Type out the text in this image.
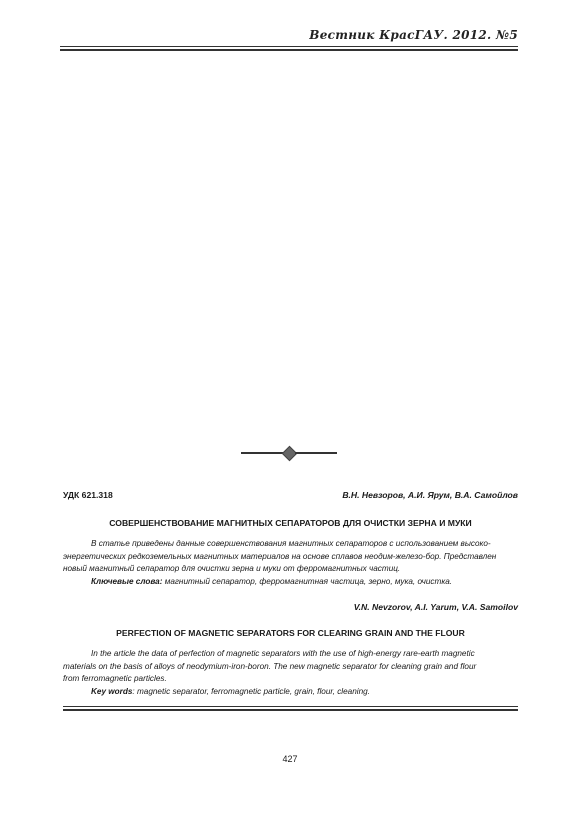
Вестник КрасГАУ. 2012. №5
УДК 621.318	В.Н. Невзоров, А.И. Ярум, В.А. Самойлов
СОВЕРШЕНСТВОВАНИЕ МАГНИТНЫХ СЕПАРАТОРОВ ДЛЯ ОЧИСТКИ ЗЕРНА И МУКИ
В статье приведены данные совершенствования магнитных сепараторов с использованием высоко-
энергетических редкоземельных магнитных материалов на основе сплавов неодим-железо-бор. Представлен
новый магнитный сепаратор для очистки зерна и муки от ферромагнитных частиц.
Ключевые слова: магнитный сепаратор, ферромагнитная частица, зерно, мука, очистка.
V.N. Nevzorov, A.I. Yarum, V.A. Samoilov
PERFECTION OF MAGNETIC SEPARATORS FOR CLEARING GRAIN AND THE FLOUR
In the article the data of perfection of magnetic separators with the use of high-energy rare-earth magnetic
materials on the basis of alloys of neodymium-iron-boron. The new magnetic separator for cleaning grain and flour
from ferromagnetic particles.
Key words: magnetic separator, ferromagnetic particle, grain, flour, cleaning.
427
